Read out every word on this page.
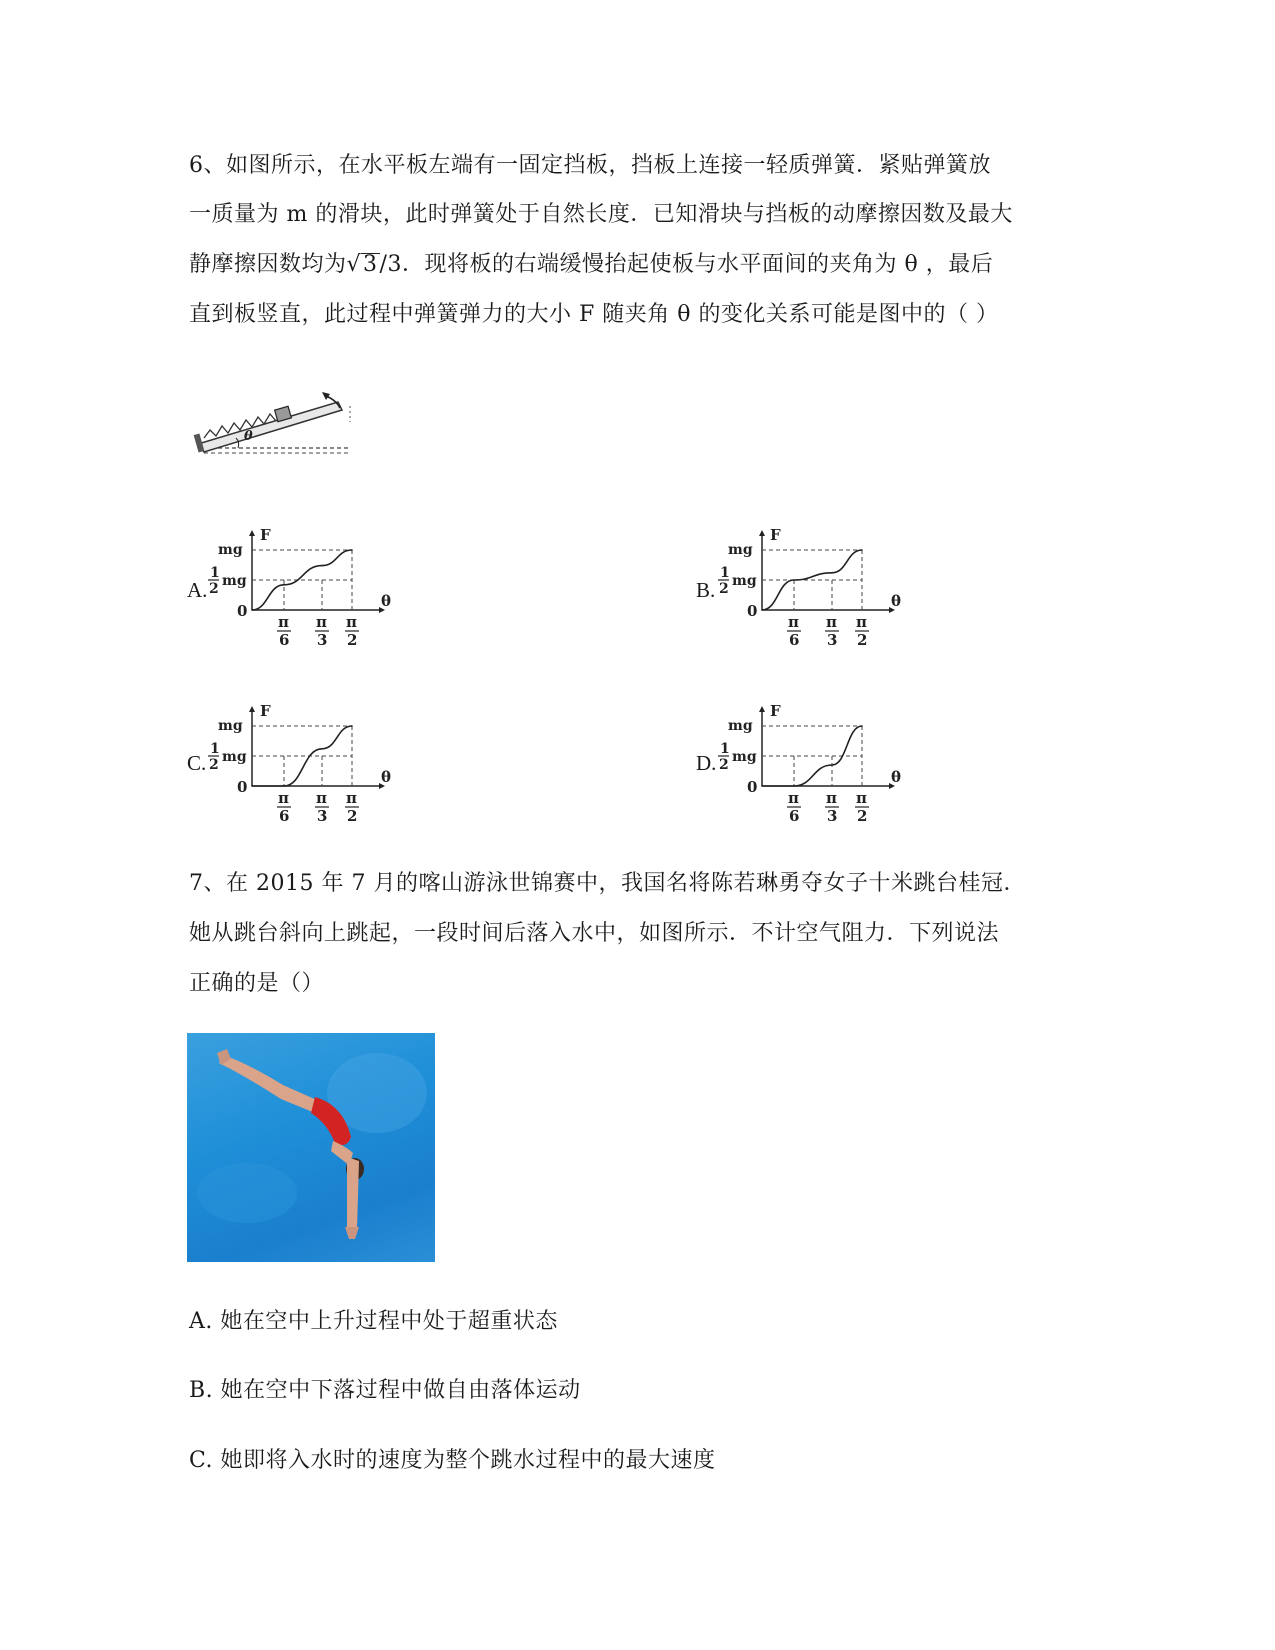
6、如图所示，在水平板左端有一固定挡板，挡板上连接一轻质弹簧．紧贴弹簧放
一质量为 m 的滑块，此时弹簧处于自然长度．已知滑块与挡板的动摩擦因数及最大
静摩擦因数均为√3/3．现将板的右端缓慢抬起使板与水平面间的夹角为 θ ，最后
直到板竖直，此过程中弹簧弹力的大小 F 随夹角 θ 的变化关系可能是图中的（ ）
θ
A.	B.
C.	D.
F
mg
1
2 mg
0
θ
π
6
π
3
π
2
F
mg
1
2 mg
0
θ
π
6
π
3
π
2
F
mg
1
2 mg
0
θ
π
6
π
3
π
2
F
mg
1
2 mg
0
θ
π
6
π
3
π
2
7、在 2015 年 7 月的喀山游泳世锦赛中，我国名将陈若琳勇夺女子十米跳台桂冠．
她从跳台斜向上跳起，一段时间后落入水中，如图所示．不计空气阻力．下列说法
正确的是（）
A. 她在空中上升过程中处于超重状态
B. 她在空中下落过程中做自由落体运动
C. 她即将入水时的速度为整个跳水过程中的最大速度
